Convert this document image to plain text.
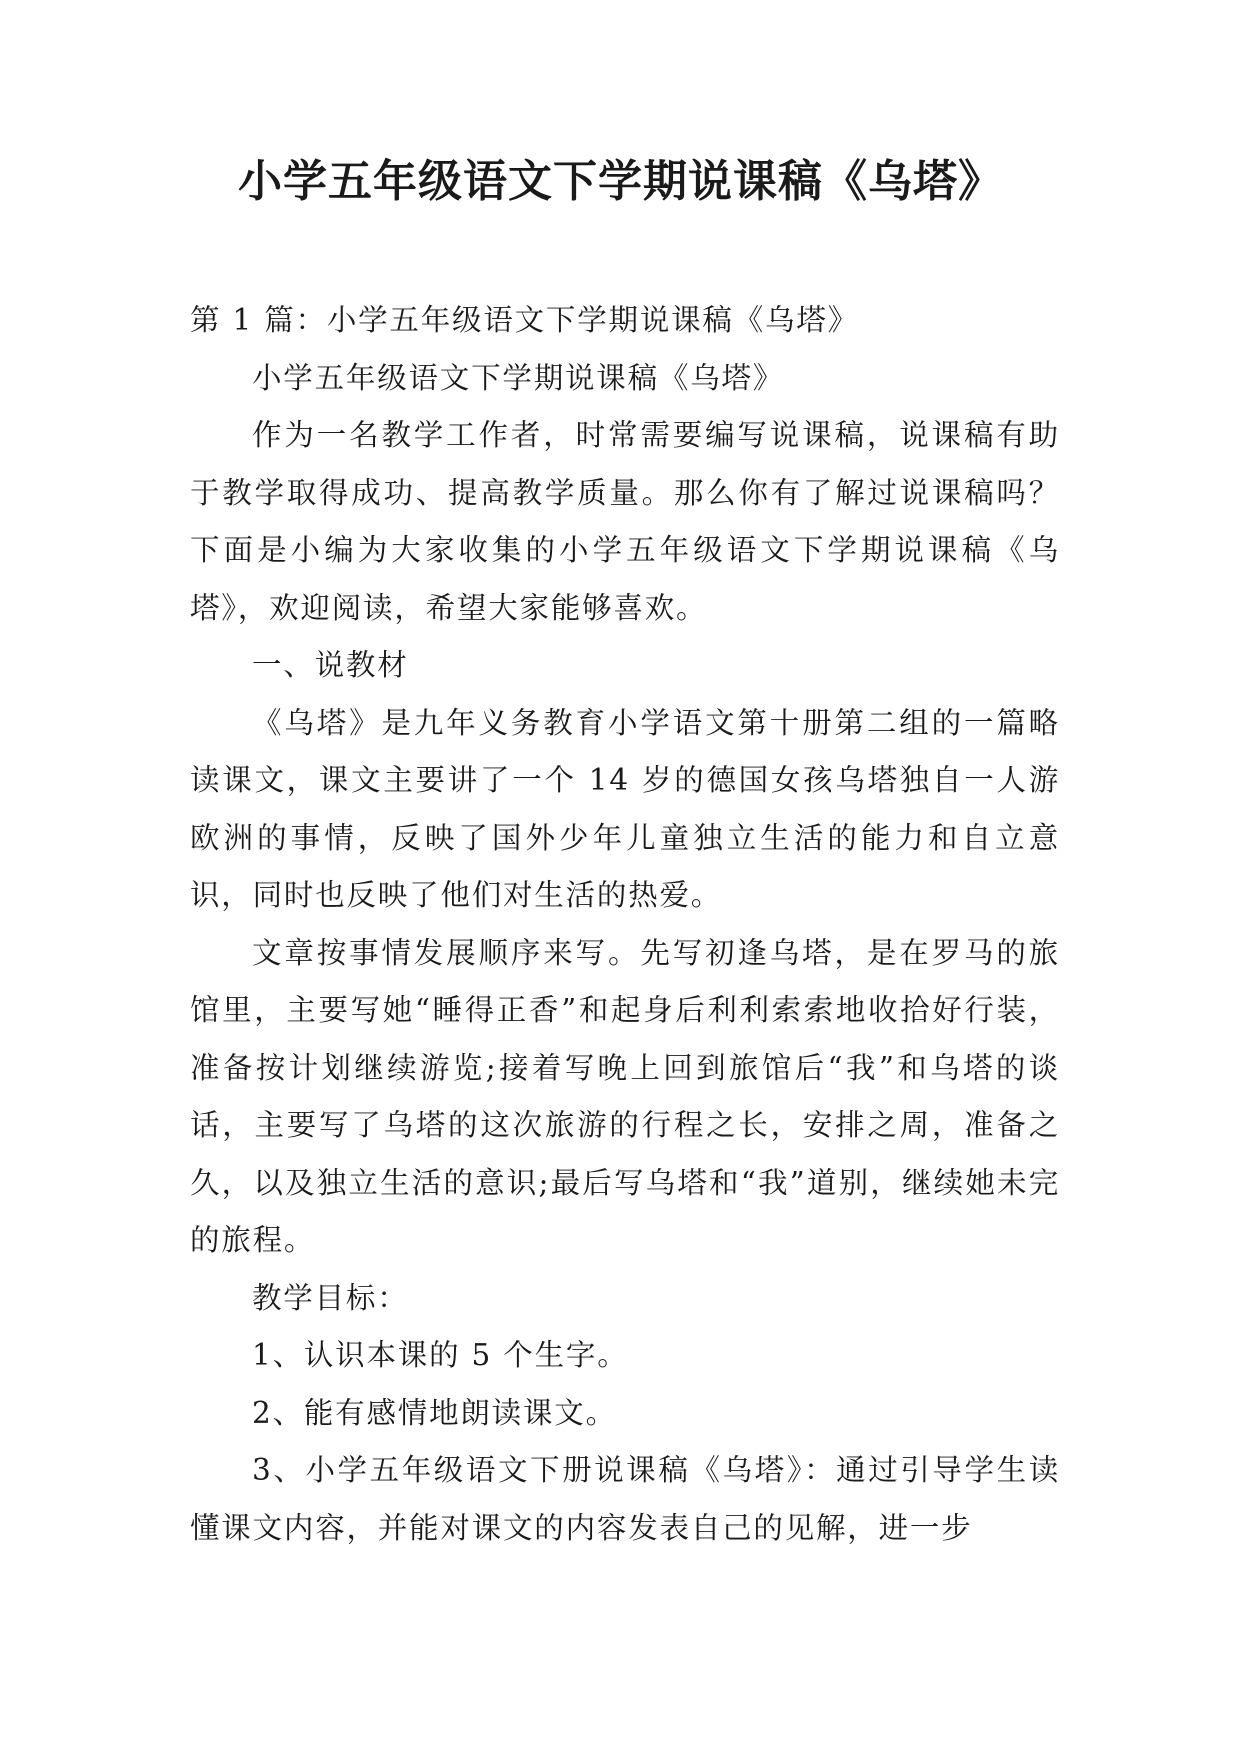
小学五年级语文下学期说课稿《乌塔》

第 1 篇：小学五年级语文下学期说课稿《乌塔》

小学五年级语文下学期说课稿《乌塔》

作为一名教学工作者，时常需要编写说课稿，说课稿有助于教学取得成功、提高教学质量。那么你有了解过说课稿吗？下面是小编为大家收集的小学五年级语文下学期说课稿《乌塔》，欢迎阅读，希望大家能够喜欢。

一、说教材

《乌塔》是九年义务教育小学语文第十册第二组的一篇略读课文，课文主要讲了一个 14 岁的德国女孩乌塔独自一人游欧洲的事情，反映了国外少年儿童独立生活的能力和自立意识，同时也反映了他们对生活的热爱。

文章按事情发展顺序来写。先写初逢乌塔，是在罗马的旅馆里，主要写她“睡得正香”和起身后利利索索地收拾好行装，准备按计划继续游览;接着写晚上回到旅馆后“我”和乌塔的谈话，主要写了乌塔的这次旅游的行程之长，安排之周，准备之久，以及独立生活的意识;最后写乌塔和“我”道别，继续她未完的旅程。

教学目标：

1、认识本课的 5 个生字。

2、能有感情地朗读课文。

3、小学五年级语文下册说课稿《乌塔》：通过引导学生读懂课文内容，并能对课文的内容发表自己的见解，进一步
